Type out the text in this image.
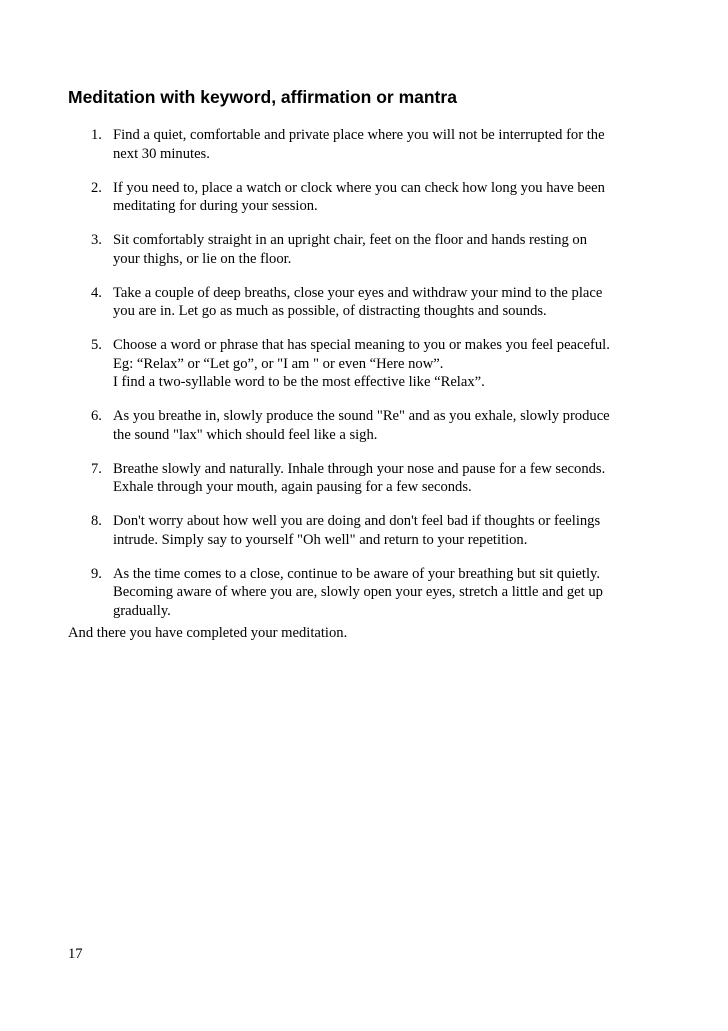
Meditation with keyword, affirmation or mantra
1. Find a quiet, comfortable and private place where you will not be interrupted for the
next 30 minutes.
2. If you need to, place a watch or clock where you can check how long you have been
meditating for during your session.
3. Sit comfortably straight in an upright chair, feet on the floor and hands resting on
your thighs, or lie on the floor.
4. Take a couple of deep breaths, close your eyes and withdraw your mind to the place
you are in. Let go as much as possible, of distracting thoughts and sounds.
5. Choose a word or phrase that has special meaning to you or makes you feel peaceful.
Eg: “Relax” or “Let go”, or "I am " or even “Here now”.
I find a two-syllable word to be the most effective like “Relax”.
6. As you breathe in, slowly produce the sound "Re" and as you exhale, slowly produce
the sound "lax" which should feel like a sigh.
7. Breathe slowly and naturally. Inhale through your nose and pause for a few seconds.
Exhale through your mouth, again pausing for a few seconds.
8. Don't worry about how well you are doing and don't feel bad if thoughts or feelings
intrude. Simply say to yourself "Oh well" and return to your repetition.
9. As the time comes to a close, continue to be aware of your breathing but sit quietly.
Becoming aware of where you are, slowly open your eyes, stretch a little and get up
gradually.

And there you have completed your meditation.

17
